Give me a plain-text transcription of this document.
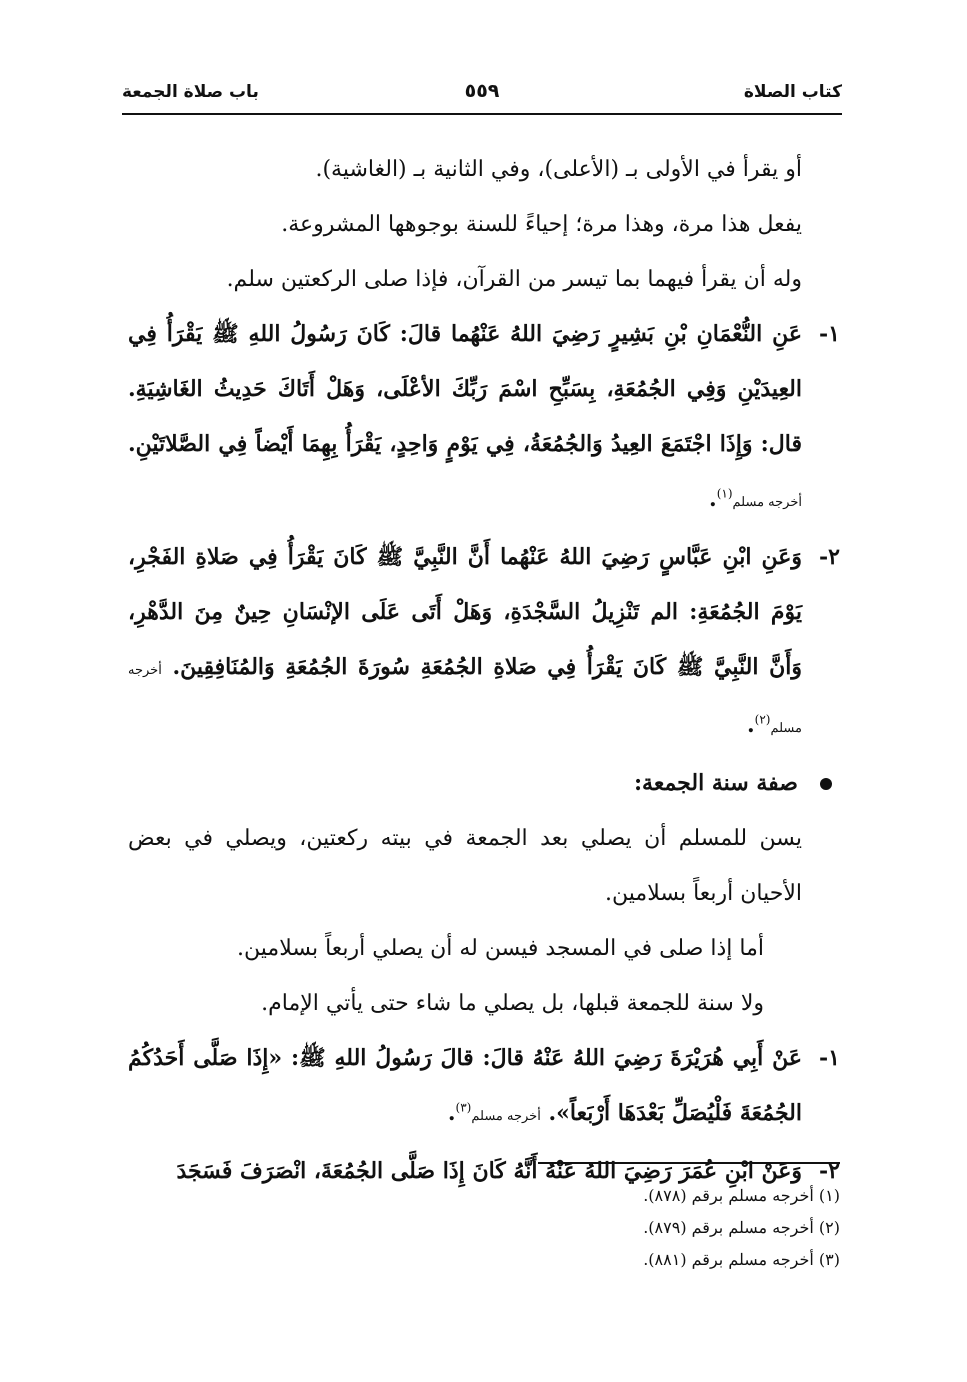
كتاب الصلاة
٥٥٩
باب صلاة الجمعة

أو يقرأ في الأولى بـ (الأعلى)، وفي الثانية بـ (الغاشية).

يفعل هذا مرة، وهذا مرة؛ إحياءً للسنة بوجوهها المشروعة.

وله أن يقرأ فيهما بما تيسر من القرآن، فإذا صلى الركعتين سلم.

١-
عَنِ النُّعْمَانِ بْنِ بَشِيرٍ رَضِيَ اللهُ عَنْهُما قالَ: كَانَ رَسُولُ اللهِ ﷺ يَقْرَأُ فِي العِيدَيْنِ وَفِي الجُمُعَةِ، بِسَبِّحِ اسْمَ رَبِّكَ الأعْلَى، وَهَلْ أَتَاكَ حَدِيثُ الغَاشِيَةِ. قال: وَإِذَا اجْتَمَعَ العِيدُ وَالجُمُعَةُ، فِي يَوْمٍ وَاحِدٍ، يَقْرَأُ بِهِمَا أَيْضاً فِي الصَّلاتَيْنِ. أخرجه مسلم$^{(١)}$.
٢-
وَعَنِ ابْنِ عَبَّاسٍ رَضِيَ اللهُ عَنْهُما أَنَّ النَّبِيَّ ﷺ كَانَ يَقْرَأُ فِي صَلاةِ الفَجْرِ، يَوْمَ الجُمُعَةِ: الم تَنْزِيلُ السَّجْدَةِ، وَهَلْ أَتَى عَلَى الإنْسَانِ حِينٌ مِنَ الدَّهْرِ، وَأَنَّ النَّبِيَّ ﷺ كَانَ يَقْرَأُ فِي صَلاةِ الجُمُعَةِ سُورَةَ الجُمُعَةِ وَالمُنَافِقِينَ. أخرجه مسلم$^{(٢)}$.

صفة سنة الجمعة:

يسن للمسلم أن يصلي بعد الجمعة في بيته ركعتين، ويصلي في بعض الأحيان أربعاً بسلامين.

أما إذا صلى في المسجد فيسن له أن يصلي أربعاً بسلامين.

ولا سنة للجمعة قبلها، بل يصلي ما شاء حتى يأتي الإمام.

١-
عَنْ أَبِي هُرَيْرَةَ رَضِيَ اللهُ عَنْهُ قالَ: قالَ رَسُولُ اللهِ ﷺ: «إِذَا صَلَّى أَحَدُكُمُ الجُمُعَةَ فَلْيُصَلِّ بَعْدَهَا أَرْبَعاً». أخرجه مسلم$^{(٣)}$.
٢-
وَعَنْ ابْنِ عُمَرَ رَضِيَ اللهُ عَنْهُ أَنَّهُ كَانَ إِذَا صَلَّى الجُمُعَةَ، انْصَرَفَ فَسَجَدَ
(١) أخرجه مسلم برقم (٨٧٨).
(٢) أخرجه مسلم برقم (٨٧٩).
(٣) أخرجه مسلم برقم (٨٨١).
